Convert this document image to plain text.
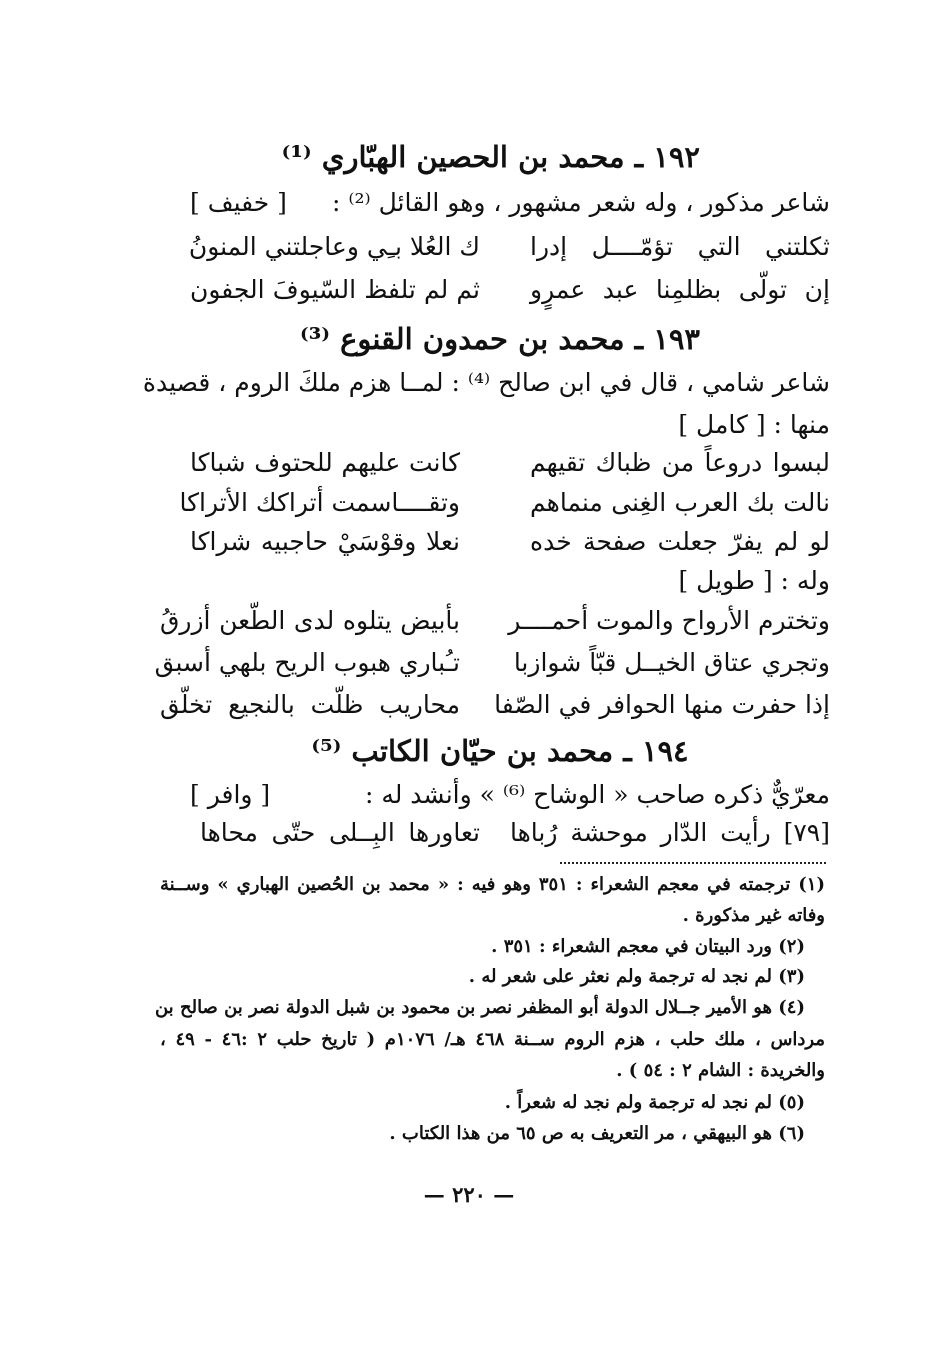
١٩٢ ـ محمد بن الحصين الهبّاري ⁽¹⁾
شاعر مذكور ، وله شعر مشهور ، وهو القائل ⁽²⁾ :
[ خفيف ]
ثكلتني التي تؤمّــــل إدرا
ك العُلا بـِي وعاجلتني المنونُ
إن تولّى بظلمِنا عبد عمرٍو
ثم لم تلفظ السّيوفَ الجفون
١٩٣ ـ محمد بن حمدون القنوع ⁽³⁾
شاعر شامي ، قال في ابن صالح ⁽⁴⁾ : لمــا هزم ملكَ الروم ، قصيدة
منها : [ كامل ]
لبسوا دروعاً من ظباك تقيهم
كانت عليهم للحتوف شباكا
نالت بك العرب الغِنى منماهم
وتقــــاسمت أتراكك الأتراكا
لو لم يفرّ جعلت صفحة خده
نعلا وقوْسَيْ حاجبيه شراكا
وله : [ طويل ]
وتخترم الأرواح والموت أحمــــر
بأبيض يتلوه لدى الطّعن أزرقُ
وتجري عتاق الخيــل قبّاً شوازبا
تـُباري هبوب الريح بلهي أسبق
إذا حفرت منها الحوافر في الصّفا
محاريب ظلّت بالنجيع تخلّق
١٩٤ ـ محمد بن حيّان الكاتب ⁽⁵⁾
معرّيٌّ ذكره صاحب « الوشاح ⁽⁶⁾ » وأنشد له :
[ وافر ]
[٧٩] رأيت الدّار موحشة رُباها
تعاورها البِــلى حتّى محاها
(١) ترجمته في معجم الشعراء : ٣٥١ وهو فيه : « محمد بن الحُصين الهباري » وســنة
وفاته غير مذكورة .
(٢) ورد البيتان في معجم الشعراء : ٣٥١ .
(٣) لم نجد له ترجمة ولم نعثر على شعر له .
(٤) هو الأمير جــلال الدولة أبو المظفر نصر بن محمود بن شبل الدولة نصر بن صالح بن
مرداس ، ملك حلب ، هزم الروم ســنة ٤٦٨ هـ/ ١٠٧٦م ( تاريخ حلب ٢ :٤٦ - ٤٩ ،
والخريدة : الشام ٢ : ٥٤ ) .
(٥) لم نجد له ترجمة ولم نجد له شعراً .
(٦) هو البيهقي ، مر التعريف به ص ٦٥ من هذا الكتاب .
— ٢٢٠ —
